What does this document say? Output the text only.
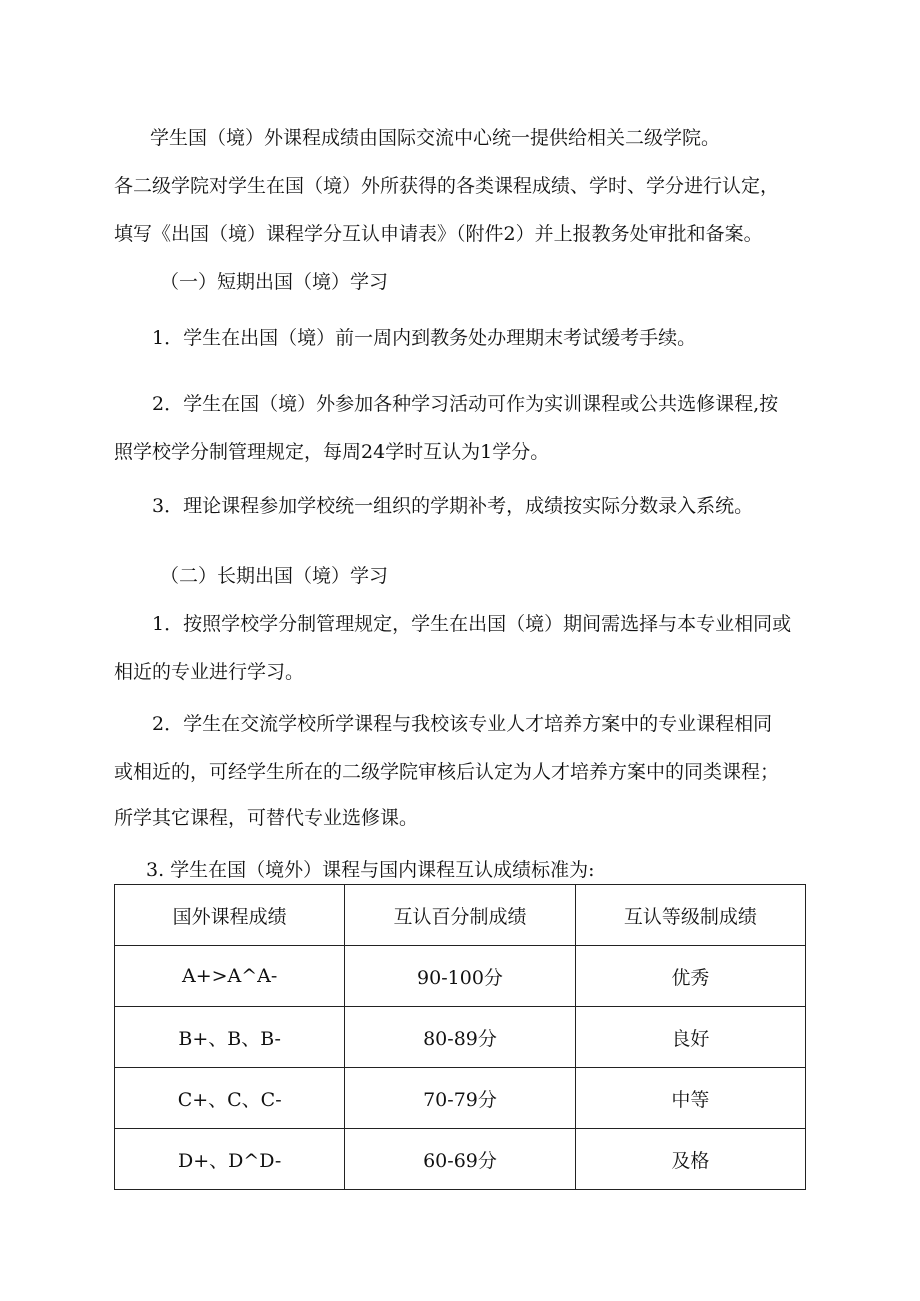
学生国（境）外课程成绩由国际交流中心统一提供给相关二级学院。
各二级学院对学生在国（境）外所获得的各类课程成绩、学时、学分进行认定，
填写《出国（境）课程学分互认申请表》（附件2）并上报教务处审批和备案。
（一）短期出国（境）学习
1．学生在出国（境）前一周内到教务处办理期末考试缓考手续。
2．学生在国（境）外参加各种学习活动可作为实训课程或公共选修课程,按
照学校学分制管理规定，每周24学时互认为1学分。
3．理论课程参加学校统一组织的学期补考，成绩按实际分数录入系统。
（二）长期出国（境）学习
1．按照学校学分制管理规定，学生在出国（境）期间需选择与本专业相同或
相近的专业进行学习。
2．学生在交流学校所学课程与我校该专业人才培养方案中的专业课程相同
或相近的，可经学生所在的二级学院审核后认定为人才培养方案中的同类课程；
所学其它课程，可替代专业选修课。
3. 学生在国（境外）课程与国内课程互认成绩标准为:
国外课程成绩	互认百分制成绩	互认等级制成绩
A+>A^A-	90-100分	优秀
B+、B、B-	80-89分	良好
C+、C、C-	70-79分	中等
D+、D^D-	60-69分	及格
